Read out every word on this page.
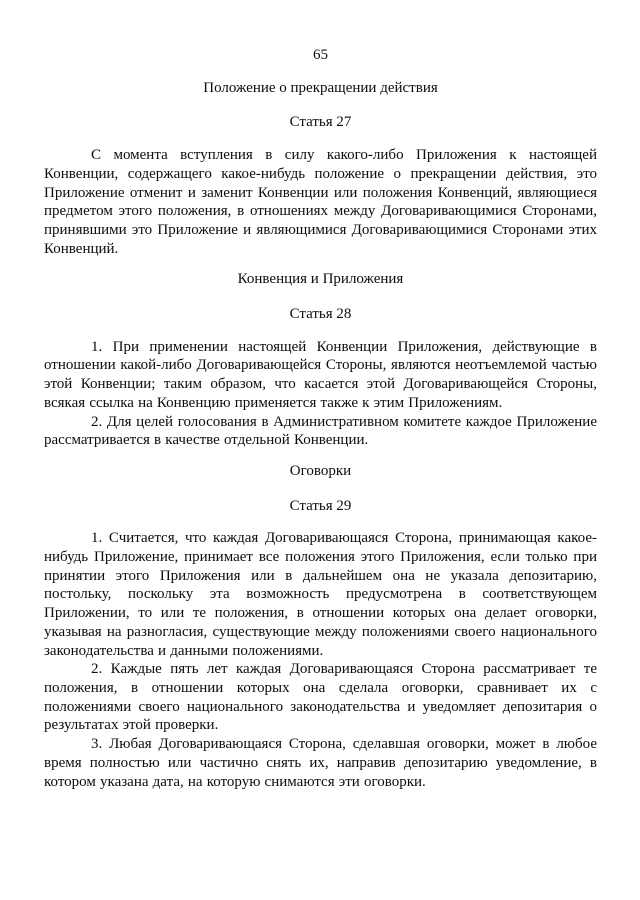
65
Положение о прекращении действия
Статья 27

С момента вступления в силу какого-либо Приложения к настоящей Конвенции, содержащего какое-нибудь положение о прекращении действия, это Приложение отменит и заменит Конвенции или положения Конвенций, являющиеся предметом этого положения, в отношениях между Договаривающимися Сторонами, принявшими это Приложение и являющимися Договаривающимися Сторонами этих Конвенций.

Конвенция и Приложения
Статья 28

1. При применении настоящей Конвенции Приложения, действующие в отношении какой-либо Договаривающейся Стороны, являются неотъемлемой частью этой Конвенции; таким образом, что касается этой Договаривающейся Стороны, всякая ссылка на Конвенцию применяется также к этим Приложениям.

2. Для целей голосования в Административном комитете каждое Приложение рассматривается в качестве отдельной Конвенции.

Оговорки
Статья 29

1. Считается, что каждая Договаривающаяся Сторона, принимающая какое-нибудь Приложение, принимает все положения этого Приложения, если только при принятии этого Приложения или в дальнейшем она не указала депозитарию, постольку, поскольку эта возможность предусмотрена в соответствующем Приложении, то или те положения, в отношении которых она делает оговорки, указывая на разногласия, существующие между положениями своего национального законодательства и данными положениями.

2. Каждые пять лет каждая Договаривающаяся Сторона рассматривает те положения, в отношении которых она сделала оговорки, сравнивает их с положениями своего национального законодательства и уведомляет депозитария о результатах этой проверки.

3. Любая Договаривающаяся Сторона, сделавшая оговорки, может в любое время полностью или частично снять их, направив депозитарию уведомление, в котором указана дата, на которую снимаются эти оговорки.
